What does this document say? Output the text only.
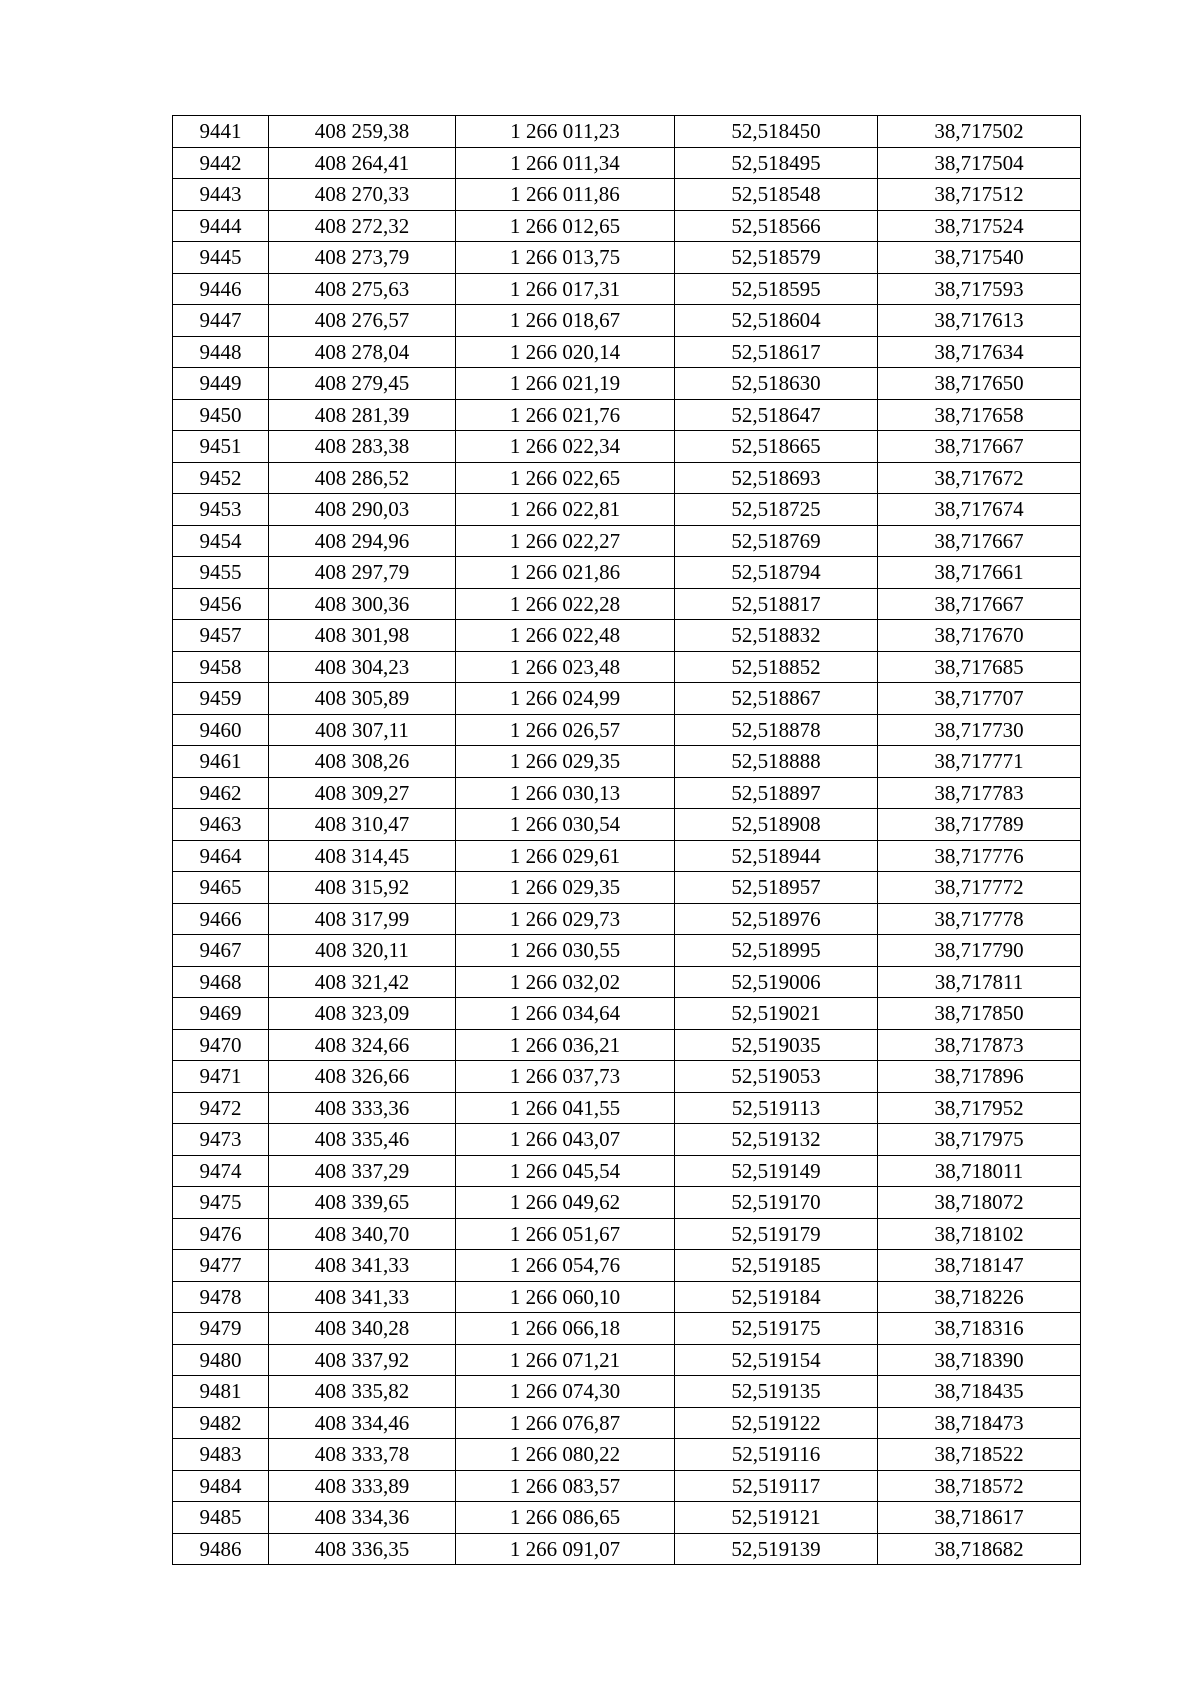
9441	408 259,38	1 266 011,23	52,518450	38,717502
9442	408 264,41	1 266 011,34	52,518495	38,717504
9443	408 270,33	1 266 011,86	52,518548	38,717512
9444	408 272,32	1 266 012,65	52,518566	38,717524
9445	408 273,79	1 266 013,75	52,518579	38,717540
9446	408 275,63	1 266 017,31	52,518595	38,717593
9447	408 276,57	1 266 018,67	52,518604	38,717613
9448	408 278,04	1 266 020,14	52,518617	38,717634
9449	408 279,45	1 266 021,19	52,518630	38,717650
9450	408 281,39	1 266 021,76	52,518647	38,717658
9451	408 283,38	1 266 022,34	52,518665	38,717667
9452	408 286,52	1 266 022,65	52,518693	38,717672
9453	408 290,03	1 266 022,81	52,518725	38,717674
9454	408 294,96	1 266 022,27	52,518769	38,717667
9455	408 297,79	1 266 021,86	52,518794	38,717661
9456	408 300,36	1 266 022,28	52,518817	38,717667
9457	408 301,98	1 266 022,48	52,518832	38,717670
9458	408 304,23	1 266 023,48	52,518852	38,717685
9459	408 305,89	1 266 024,99	52,518867	38,717707
9460	408 307,11	1 266 026,57	52,518878	38,717730
9461	408 308,26	1 266 029,35	52,518888	38,717771
9462	408 309,27	1 266 030,13	52,518897	38,717783
9463	408 310,47	1 266 030,54	52,518908	38,717789
9464	408 314,45	1 266 029,61	52,518944	38,717776
9465	408 315,92	1 266 029,35	52,518957	38,717772
9466	408 317,99	1 266 029,73	52,518976	38,717778
9467	408 320,11	1 266 030,55	52,518995	38,717790
9468	408 321,42	1 266 032,02	52,519006	38,717811
9469	408 323,09	1 266 034,64	52,519021	38,717850
9470	408 324,66	1 266 036,21	52,519035	38,717873
9471	408 326,66	1 266 037,73	52,519053	38,717896
9472	408 333,36	1 266 041,55	52,519113	38,717952
9473	408 335,46	1 266 043,07	52,519132	38,717975
9474	408 337,29	1 266 045,54	52,519149	38,718011
9475	408 339,65	1 266 049,62	52,519170	38,718072
9476	408 340,70	1 266 051,67	52,519179	38,718102
9477	408 341,33	1 266 054,76	52,519185	38,718147
9478	408 341,33	1 266 060,10	52,519184	38,718226
9479	408 340,28	1 266 066,18	52,519175	38,718316
9480	408 337,92	1 266 071,21	52,519154	38,718390
9481	408 335,82	1 266 074,30	52,519135	38,718435
9482	408 334,46	1 266 076,87	52,519122	38,718473
9483	408 333,78	1 266 080,22	52,519116	38,718522
9484	408 333,89	1 266 083,57	52,519117	38,718572
9485	408 334,36	1 266 086,65	52,519121	38,718617
9486	408 336,35	1 266 091,07	52,519139	38,718682
